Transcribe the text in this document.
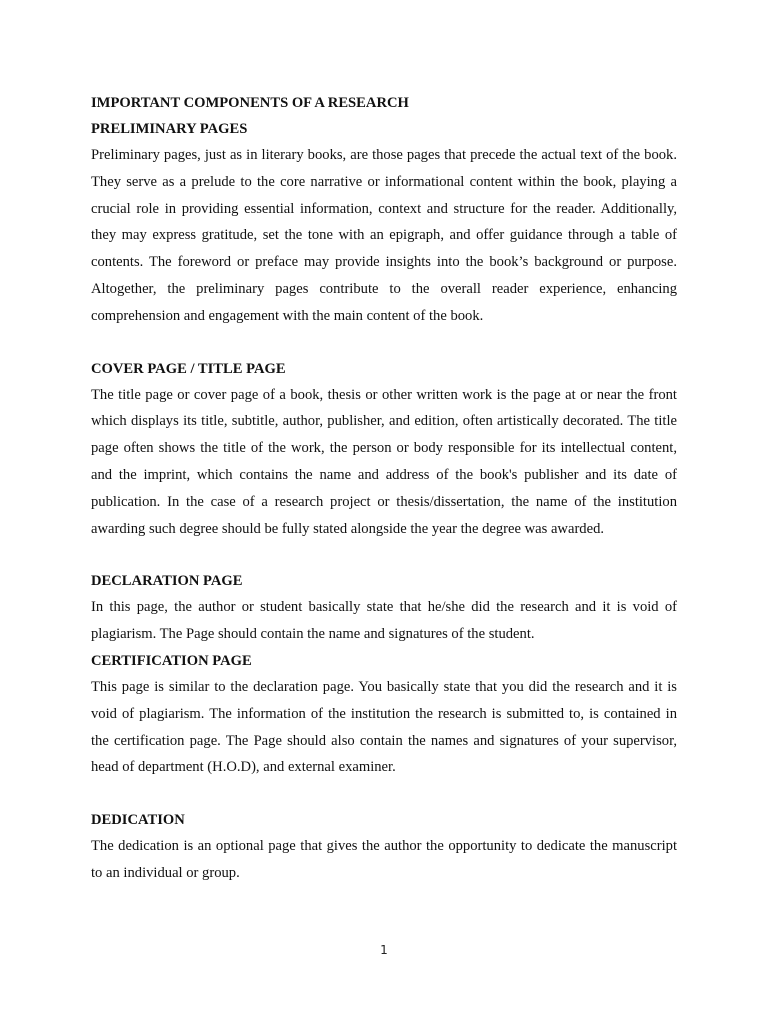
IMPORTANT COMPONENTS OF A RESEARCH

PRELIMINARY PAGES

Preliminary pages, just as in literary books, are those pages that precede the actual text of the book. They serve as a prelude to the core narrative or informational content within the book, playing a crucial role in providing essential information, context and structure for the reader. Additionally, they may express gratitude, set the tone with an epigraph, and offer guidance through a table of contents. The foreword or preface may provide insights into the book’s background or purpose. Altogether, the preliminary pages contribute to the overall reader experience, enhancing comprehension and engagement with the main content of the book.

COVER PAGE / TITLE PAGE

The title page or cover page of a book, thesis or other written work is the page at or near the front which displays its title, subtitle, author, publisher, and edition, often artistically decorated. The title page often shows the title of the work, the person or body responsible for its intellectual content, and the imprint, which contains the name and address of the book's publisher and its date of publication. In the case of a research project or thesis/dissertation, the name of the institution awarding such degree should be fully stated alongside the year the degree was awarded.

DECLARATION PAGE

In this page, the author or student basically state that he/she did the research and it is void of plagiarism. The Page should contain the name and signatures of the student.

CERTIFICATION PAGE

This page is similar to the declaration page. You basically state that you did the research and it is void of plagiarism. The information of the institution the research is submitted to, is contained in the certification page. The Page should also contain the names and signatures of your supervisor, head of department (H.O.D), and external examiner.

DEDICATION

The dedication is an optional page that gives the author the opportunity to dedicate the manuscript to an individual or group.

1
